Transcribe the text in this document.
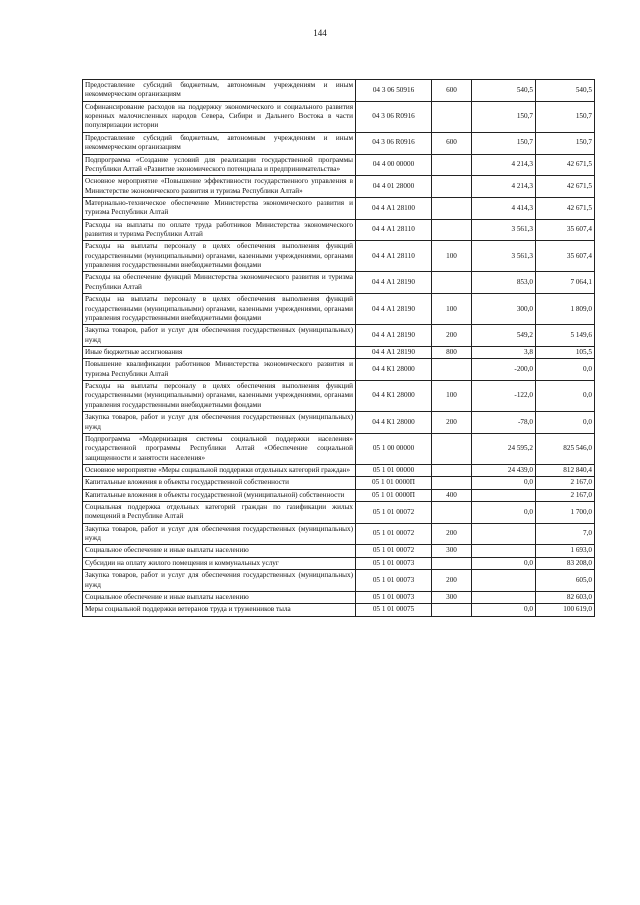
144
Предоставление субсидий бюджетным, автономным учреждениям и иным некоммерческим организациям	04 3 06 50916	600	540,5	540,5
Софинансирование расходов на поддержку экономического и социального развития коренных малочисленных народов Севера, Сибири и Дальнего Востока в части популяризации истории	04 3 06 R0916		150,7	150,7
Предоставление субсидий бюджетным, автономным учреждениям и иным некоммерческим организациям	04 3 06 R0916	600	150,7	150,7
Подпрограмма «Создание условий для реализации государственной программы Республики Алтай «Развитие экономического потенциала и предпринимательства»	04 4 00 00000		4 214,3	42 671,5
Основное мероприятие «Повышение эффективности государственного управления в Министерстве экономического развития и туризма Республики Алтай»	04 4 01 28000		4 214,3	42 671,5
Материально-техническое обеспечение Министерства экономического развития и туризма Республики Алтай	04 4 А1 28100		4 414,3	42 671,5
Расходы на выплаты по оплате труда работников Министерства экономического развития и туризма Республики Алтай	04 4 А1 28110		3 561,3	35 607,4
Расходы на выплаты персоналу в целях обеспечения выполнения функций государственными (муниципальными) органами, казенными учреждениями, органами управления государственными внебюджетными фондами	04 4 А1 28110	100	3 561,3	35 607,4
Расходы на обеспечение функций Министерства экономического развития и туризма Республики Алтай	04 4 А1 28190		853,0	7 064,1
Расходы на выплаты персоналу в целях обеспечения выполнения функций государственными (муниципальными) органами, казенными учреждениями, органами управления государственными внебюджетными фондами	04 4 А1 28190	100	300,0	1 809,0
Закупка товаров, работ и услуг для обеспечения государственных (муниципальных) нужд	04 4 А1 28190	200	549,2	5 149,6
Иные бюджетные ассигнования	04 4 А1 28190	800	3,8	105,5
Повышение квалификации работников Министерства экономического развития и туризма Республики Алтай	04 4 К1 28000		-200,0	0,0
Расходы на выплаты персоналу в целях обеспечения выполнения функций государственными (муниципальными) органами, казенными учреждениями, органами управления государственными внебюджетными фондами	04 4 К1 28000	100	-122,0	0,0
Закупка товаров, работ и услуг для обеспечения государственных (муниципальных) нужд	04 4 К1 28000	200	-78,0	0,0
Подпрограмма «Модернизация системы социальной поддержки населения» государственной программы Республики Алтай «Обеспечение социальной защищенности и занятости населения»	05 1 00 00000		24 595,2	825 546,0
Основное мероприятие «Меры социальной поддержки отдельных категорий граждан»	05 1 01 00000		24 439,0	812 840,4
Капитальные вложения в объекты государственной собственности	05 1 01 0000П		0,0	2 167,0
Капитальные вложения в объекты государственной (муниципальной) собственности	05 1 01 0000П	400		2 167,0
Социальная поддержка отдельных категорий граждан по газификации жилых помещений в Республике Алтай	05 1 01 00072		0,0	1 700,0
Закупка товаров, работ и услуг для обеспечения государственных (муниципальных) нужд	05 1 01 00072	200		7,0
Социальное обеспечение и иные выплаты населению	05 1 01 00072	300		1 693,0
Субсидии на оплату жилого помещения и коммунальных услуг	05 1 01 00073		0,0	83 208,0
Закупка товаров, работ и услуг для обеспечения государственных (муниципальных) нужд	05 1 01 00073	200		605,0
Социальное обеспечение и иные выплаты населению	05 1 01 00073	300		82 603,0
Меры социальной поддержки ветеранов труда и труженников тыла	05 1 01 00075		0,0	100 619,0
